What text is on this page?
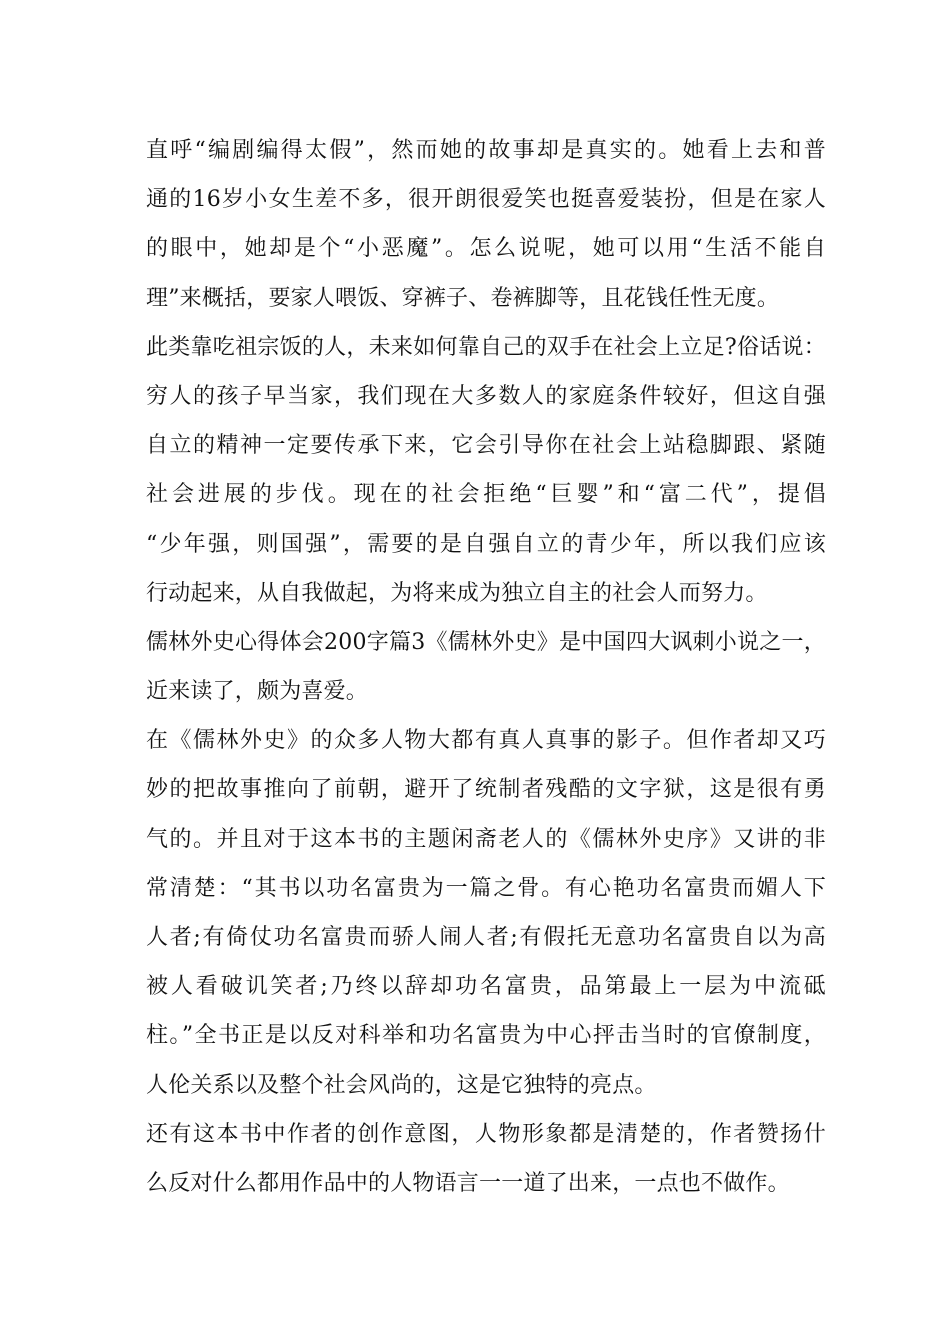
直呼“编剧编得太假”，然而她的故事却是真实的。她看上去和普
通的16岁小女生差不多，很开朗很爱笑也挺喜爱装扮，但是在家人
的眼中，她却是个“小恶魔”。怎么说呢，她可以用“生活不能自
理”来概括，要家人喂饭、穿裤子、卷裤脚等，且花钱任性无度。
此类靠吃祖宗饭的人，未来如何靠自己的双手在社会上立足?俗话说：
穷人的孩子早当家，我们现在大多数人的家庭条件较好，但这自强
自立的精神一定要传承下来，它会引导你在社会上站稳脚跟、紧随
社会进展的步伐。现在的社会拒绝“巨婴”和“富二代”，提倡
“少年强，则国强”，需要的是自强自立的青少年，所以我们应该
行动起来，从自我做起，为将来成为独立自主的社会人而努力。
儒林外史心得体会200字篇3《儒林外史》是中国四大讽刺小说之一，
近来读了，颇为喜爱。
在《儒林外史》的众多人物大都有真人真事的影子。但作者却又巧
妙的把故事推向了前朝，避开了统制者残酷的文字狱，这是很有勇
气的。并且对于这本书的主题闲斋老人的《儒林外史序》又讲的非
常清楚：“其书以功名富贵为一篇之骨。有心艳功名富贵而媚人下
人者;有倚仗功名富贵而骄人闹人者;有假托无意功名富贵自以为高
被人看破讥笑者;乃终以辞却功名富贵，品第最上一层为中流砥
柱。”全书正是以反对科举和功名富贵为中心抨击当时的官僚制度，
人伦关系以及整个社会风尚的，这是它独特的亮点。
还有这本书中作者的创作意图，人物形象都是清楚的，作者赞扬什
么反对什么都用作品中的人物语言一一道了出来，一点也不做作。
